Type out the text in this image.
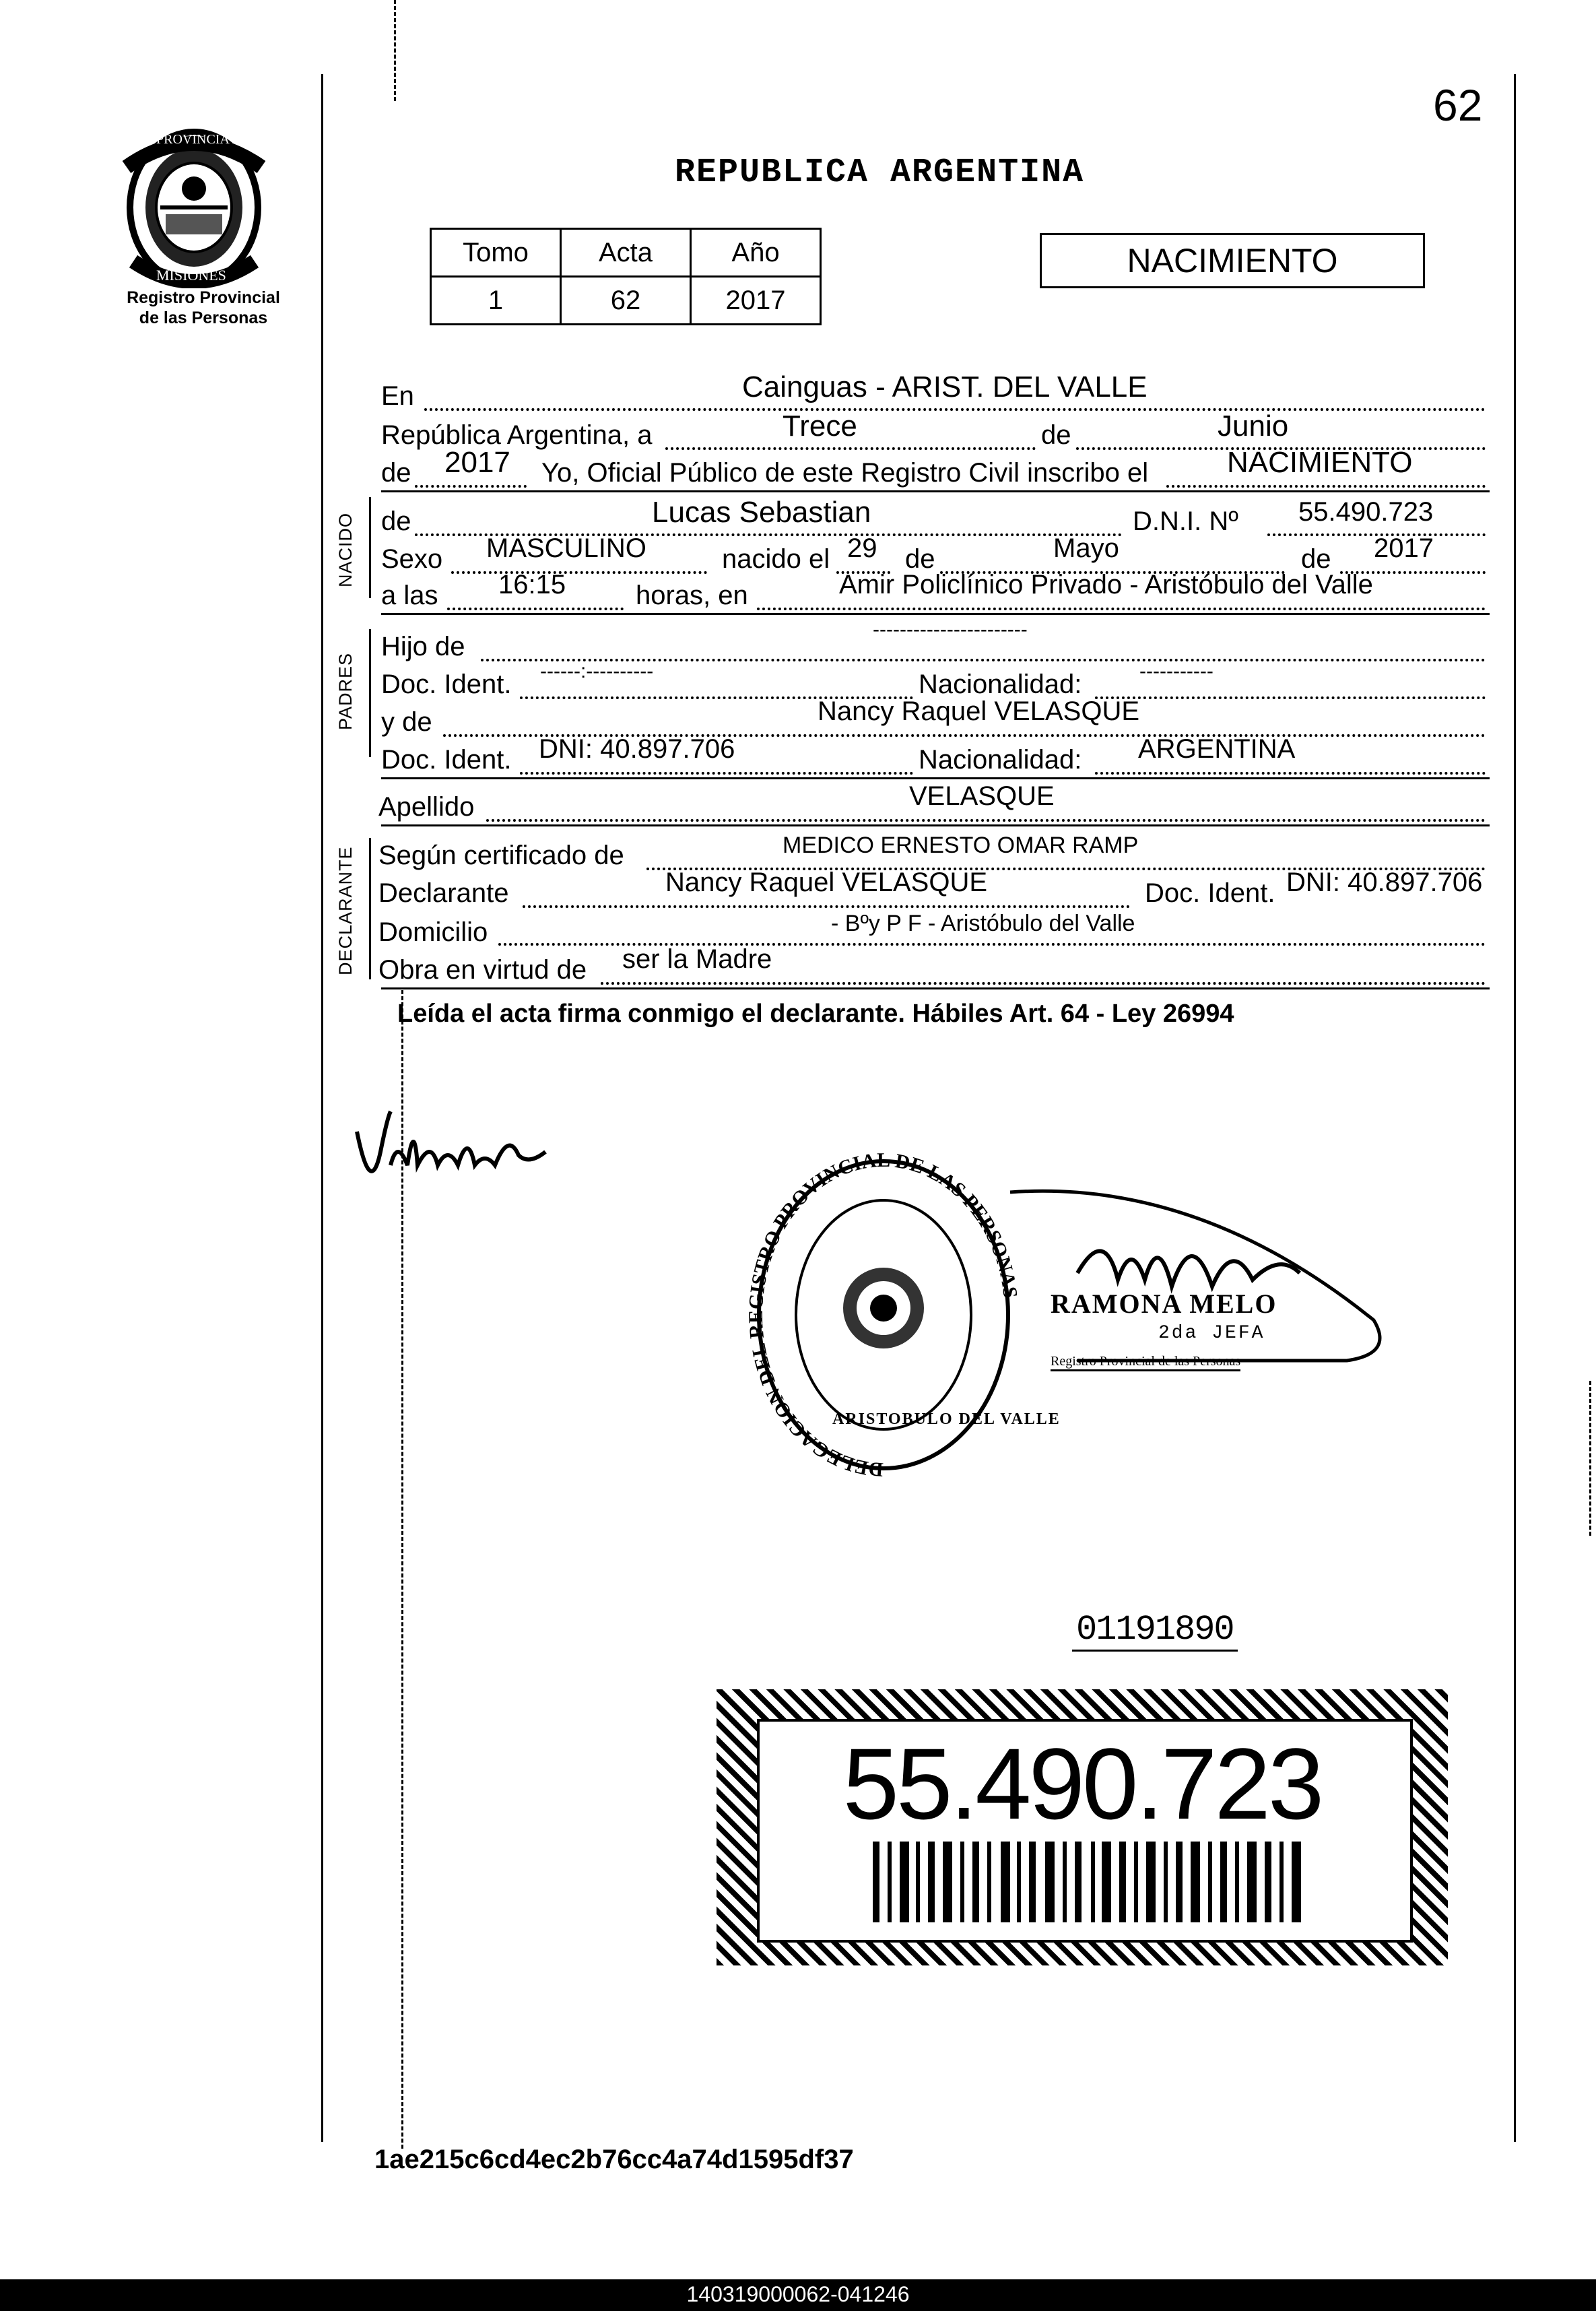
62
PROVINCIA DE
MISIONES
Registro Provincial
de las Personas
REPUBLICA ARGENTINA
Tomo	Acta	Año
1	62	2017
NACIMIENTO
En	Cainguas - ARIST. DEL VALLE
República Argentina, a	Trece	de	Junio
de 2017 Yo, Oficial Público de este Registro Civil inscribo el	NACIMIENTO
NACIDO de	Lucas Sebastian	D.N.I. Nº 55.490.723
Sexo MASCULINO	nacido el 29 de	Mayo	de 2017
a las 16:15	horas, en	Amir Policlínico Privado - Aristóbulo del Valle
PADRES
Hijo de
-----------------------
Doc. Ident. ------:----------	Nacionalidad:	-----------
y de	Nancy Raquel VELASQUE
Doc. Ident. DNI: 40.897.706	Nacionalidad: ARGENTINA
Apellido	VELASQUE
DECLARANTE Según certificado de	MEDICO ERNESTO OMAR RAMP
Declarante	Nancy Raquel VELASQUE	Doc. Ident. DNI: 40.897.706
Domicilio	- Bºy P F - Aristóbulo del Valle
Obra en virtud de ser la Madre
Leída el acta firma conmigo el declarante. Hábiles Art. 64 - Ley 26994
DELEGACION DEL STRO PROVINCIAL DE LAS PERSONA
ARISTOBULO DEL VALLE
RAMONA MELO
2da JEFA
Registro Provincial de las Personas
01191890
55.490.723
1ae215c6cd4ec2b76cc4a74d1595df37
140319000062-041246
